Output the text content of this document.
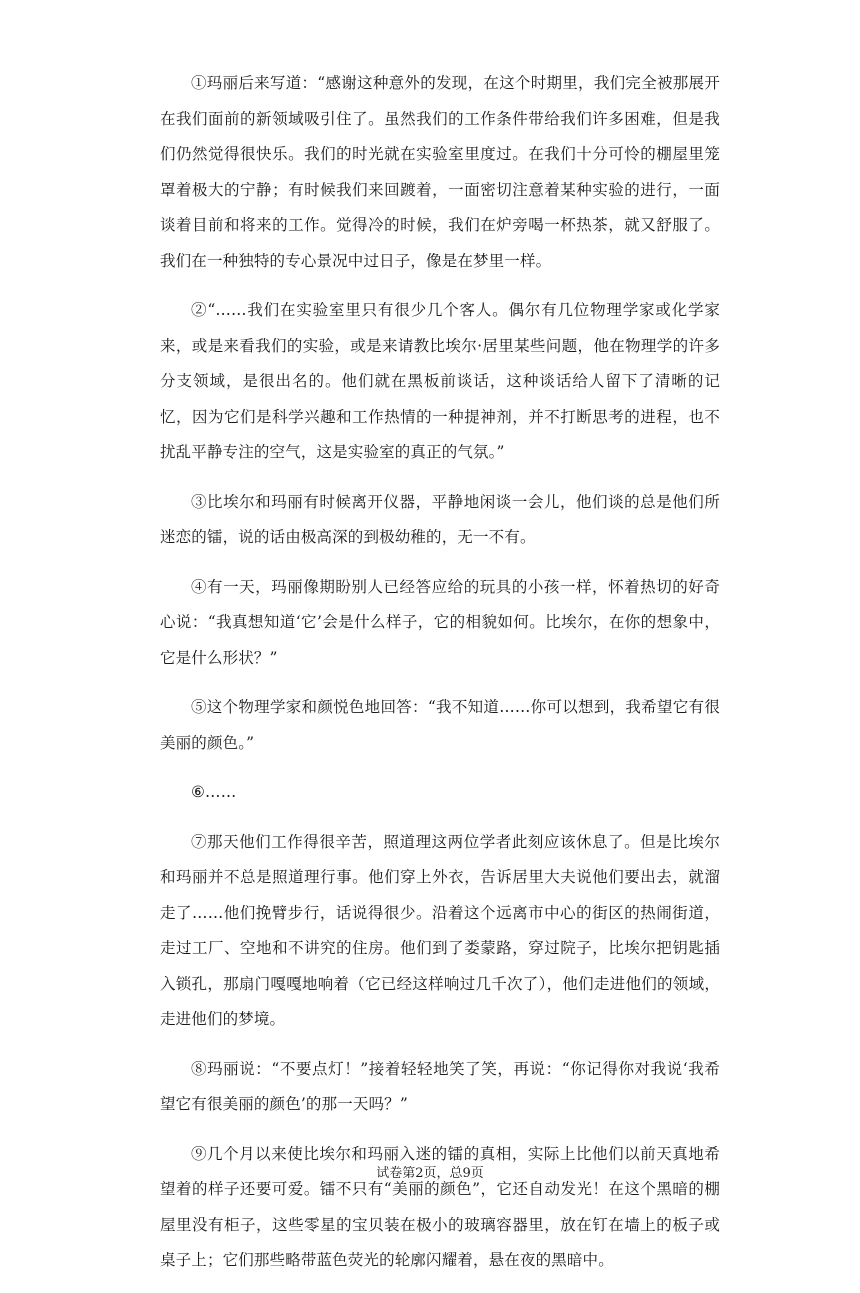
①玛丽后来写道：“感谢这种意外的发现，在这个时期里，我们完全被那展开在我们面前的新领域吸引住了。虽然我们的工作条件带给我们许多困难，但是我们仍然觉得很快乐。我们的时光就在实验室里度过。在我们十分可怜的棚屋里笼罩着极大的宁静；有时候我们来回踱着，一面密切注意着某种实验的进行，一面谈着目前和将来的工作。觉得冷的时候，我们在炉旁喝一杯热茶，就又舒服了。我们在一种独特的专心景况中过日子，像是在梦里一样。

②“……我们在实验室里只有很少几个客人。偶尔有几位物理学家或化学家来，或是来看我们的实验，或是来请教比埃尔·居里某些问题，他在物理学的许多分支领域，是很出名的。他们就在黑板前谈话，这种谈话给人留下了清晰的记忆，因为它们是科学兴趣和工作热情的一种提神剂，并不打断思考的进程，也不扰乱平静专注的空气，这是实验室的真正的气氛。”

③比埃尔和玛丽有时候离开仪器，平静地闲谈一会儿，他们谈的总是他们所迷恋的镭，说的话由极高深的到极幼稚的，无一不有。

④有一天，玛丽像期盼别人已经答应给的玩具的小孩一样，怀着热切的好奇心说：“我真想知道‘它’会是什么样子，它的相貌如何。比埃尔，在你的想象中，它是什么形状？”

⑤这个物理学家和颜悦色地回答：“我不知道……你可以想到，我希望它有很美丽的颜色。”

⑥……

⑦那天他们工作得很辛苦，照道理这两位学者此刻应该休息了。但是比埃尔和玛丽并不总是照道理行事。他们穿上外衣，告诉居里大夫说他们要出去，就溜走了……他们挽臂步行，话说得很少。沿着这个远离市中心的街区的热闹街道，走过工厂、空地和不讲究的住房。他们到了娄蒙路，穿过院子，比埃尔把钥匙插入锁孔，那扇门嘎嘎地响着（它已经这样响过几千次了），他们走进他们的领域，走进他们的梦境。

⑧玛丽说：“不要点灯！”接着轻轻地笑了笑，再说：“你记得你对我说‘我希望它有很美丽的颜色’的那一天吗？”

⑨几个月以来使比埃尔和玛丽入迷的镭的真相，实际上比他们以前天真地希望着的样子还要可爱。镭不只有“美丽的颜色”，它还自动发光！在这个黑暗的棚屋里没有柜子，这些零星的宝贝装在极小的玻璃容器里，放在钉在墙上的板子或桌子上；它们那些略带蓝色荧光的轮廓闪耀着，悬在夜的黑暗中。

试卷第2页，总9页
